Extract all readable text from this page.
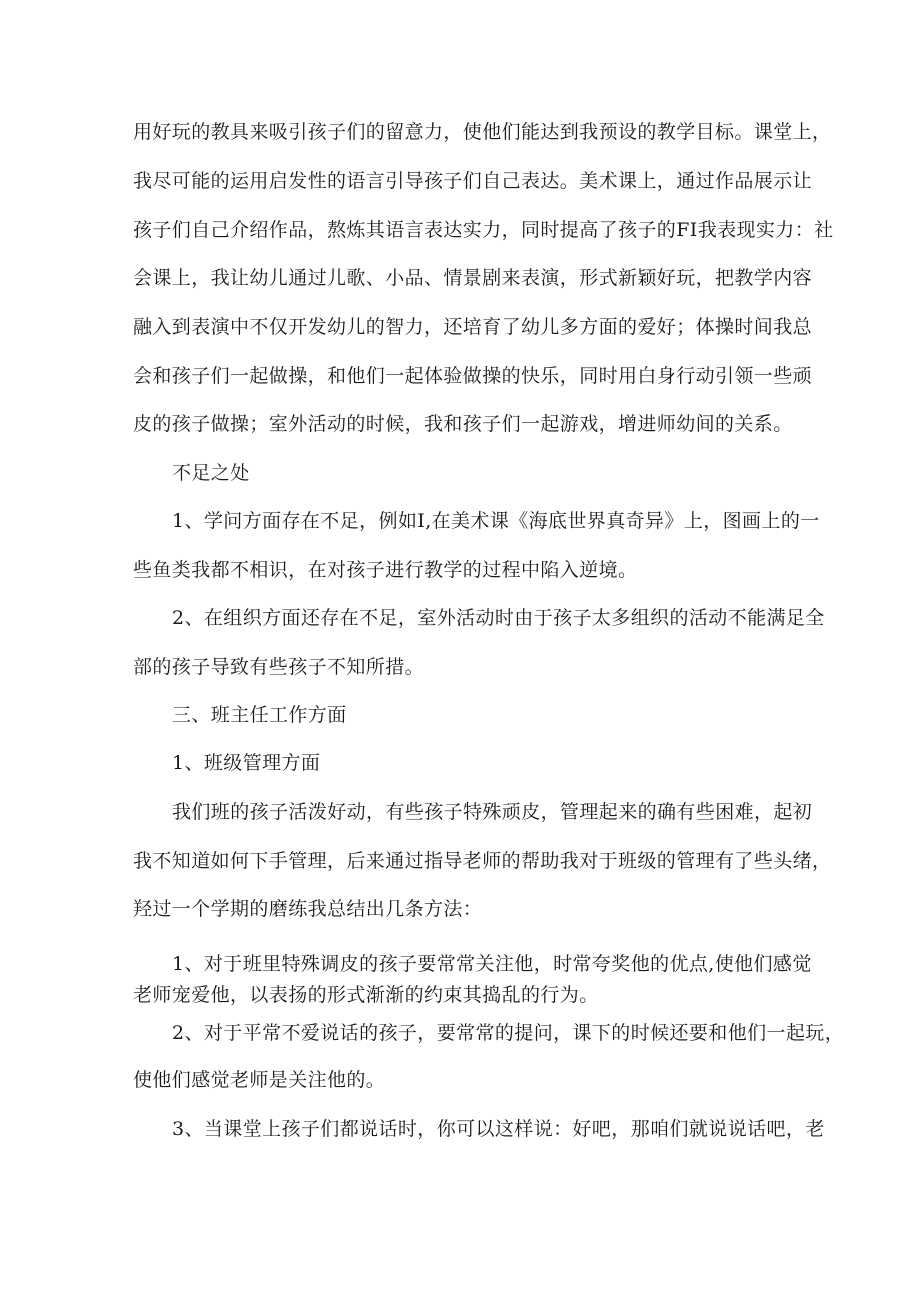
用好玩的教具来吸引孩子们的留意力，使他们能达到我预设的教学目标。课堂上，
我尽可能的运用启发性的语言引导孩子们自己表达。美术课上，通过作品展示让
孩子们自己介绍作品，熬炼其语言表达实力，同时提高了孩子的FI我表现实力：社
会课上，我让幼儿通过儿歌、小品、情景剧来表演，形式新颖好玩，把教学内容
融入到表演中不仅开发幼儿的智力，还培育了幼儿多方面的爱好；体操时间我总
会和孩子们一起做操，和他们一起体验做操的快乐，同时用白身行动引领一些顽
皮的孩子做操；室外活动的时候，我和孩子们一起游戏，增进师幼间的关系。
不足之处
1、学问方面存在不足，例如I,在美术课《海底世界真奇异》上，图画上的一
些鱼类我都不相识，在对孩子进行教学的过程中陷入逆境。
2、在组织方面还存在不足，室外活动时由于孩子太多组织的活动不能满足全
部的孩子导致有些孩子不知所措。
三、班主任工作方面
1、班级管理方面
我们班的孩子活泼好动，有些孩子特殊顽皮，管理起来的确有些困难，起初
我不知道如何下手管理，后来通过指导老师的帮助我对于班级的管理有了些头绪，
羟过一个学期的磨练我总结出几条方法：
1、对于班里特殊调皮的孩子要常常关注他，时常夸奖他的优点,使他们感觉
老师宠爱他，以表扬的形式渐渐的约束其捣乱的行为。
2、对于平常不爱说话的孩子，要常常的提问，课下的时候还要和他们一起玩，
使他们感觉老师是关注他的。
3、当课堂上孩子们都说话时，你可以这样说：好吧，那咱们就说说话吧，老
